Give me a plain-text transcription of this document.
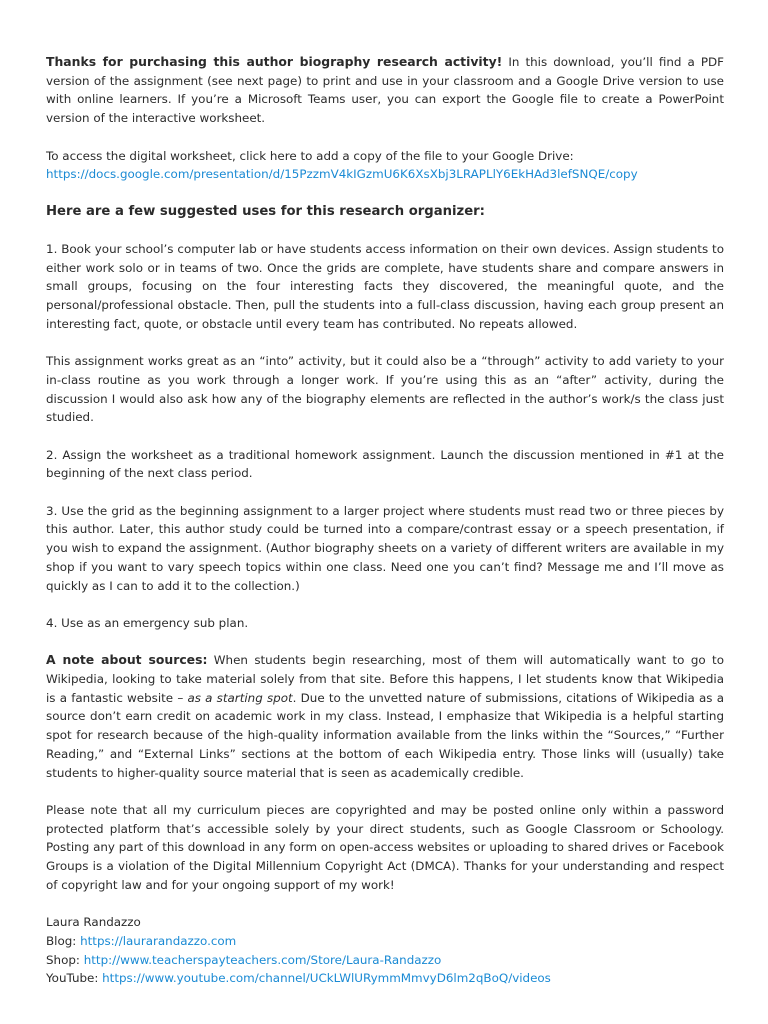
Thanks for purchasing this author biography research activity! In this download, you’ll find a PDF version of the assignment (see next page) to print and use in your classroom and a Google Drive version to use with online learners. If you’re a Microsoft Teams user, you can export the Google file to create a PowerPoint version of the interactive worksheet.

To access the digital worksheet, click here to add a copy of the file to your Google Drive:
https://docs.google.com/presentation/d/15PzzmV4kIGzmU6K6XsXbj3LRAPLlY6EkHAd3lefSNQE/copy

Here are a few suggested uses for this research organizer:

1. Book your school’s computer lab or have students access information on their own devices. Assign students to either work solo or in teams of two. Once the grids are complete, have students share and compare answers in small groups, focusing on the four interesting facts they discovered, the meaningful quote, and the personal/professional obstacle. Then, pull the students into a full-class discussion, having each group present an interesting fact, quote, or obstacle until every team has contributed. No repeats allowed.

This assignment works great as an “into” activity, but it could also be a “through” activity to add variety to your in-class routine as you work through a longer work. If you’re using this as an “after” activity, during the discussion I would also ask how any of the biography elements are reflected in the author’s work/s the class just studied.

2. Assign the worksheet as a traditional homework assignment. Launch the discussion mentioned in #1 at the beginning of the next class period.

3. Use the grid as the beginning assignment to a larger project where students must read two or three pieces by this author. Later, this author study could be turned into a compare/contrast essay or a speech presentation, if you wish to expand the assignment. (Author biography sheets on a variety of different writers are available in my shop if you want to vary speech topics within one class. Need one you can’t find? Message me and I’ll move as quickly as I can to add it to the collection.)

4. Use as an emergency sub plan.

A note about sources: When students begin researching, most of them will automatically want to go to Wikipedia, looking to take material solely from that site. Before this happens, I let students know that Wikipedia is a fantastic website – as a starting spot. Due to the unvetted nature of submissions, citations of Wikipedia as a source don’t earn credit on academic work in my class. Instead, I emphasize that Wikipedia is a helpful starting spot for research because of the high-quality information available from the links within the “Sources,” “Further Reading,” and “External Links” sections at the bottom of each Wikipedia entry. Those links will (usually) take students to higher-quality source material that is seen as academically credible.

Please note that all my curriculum pieces are copyrighted and may be posted online only within a password protected platform that’s accessible solely by your direct students, such as Google Classroom or Schoology. Posting any part of this download in any form on open-access websites or uploading to shared drives or Facebook Groups is a violation of the Digital Millennium Copyright Act (DMCA). Thanks for your understanding and respect of copyright law and for your ongoing support of my work!

Laura Randazzo
Blog: https://laurarandazzo.com
Shop: http://www.teacherspayteachers.com/Store/Laura-Randazzo
YouTube: https://www.youtube.com/channel/UCkLWlURymmMmvyD6lm2qBoQ/videos
